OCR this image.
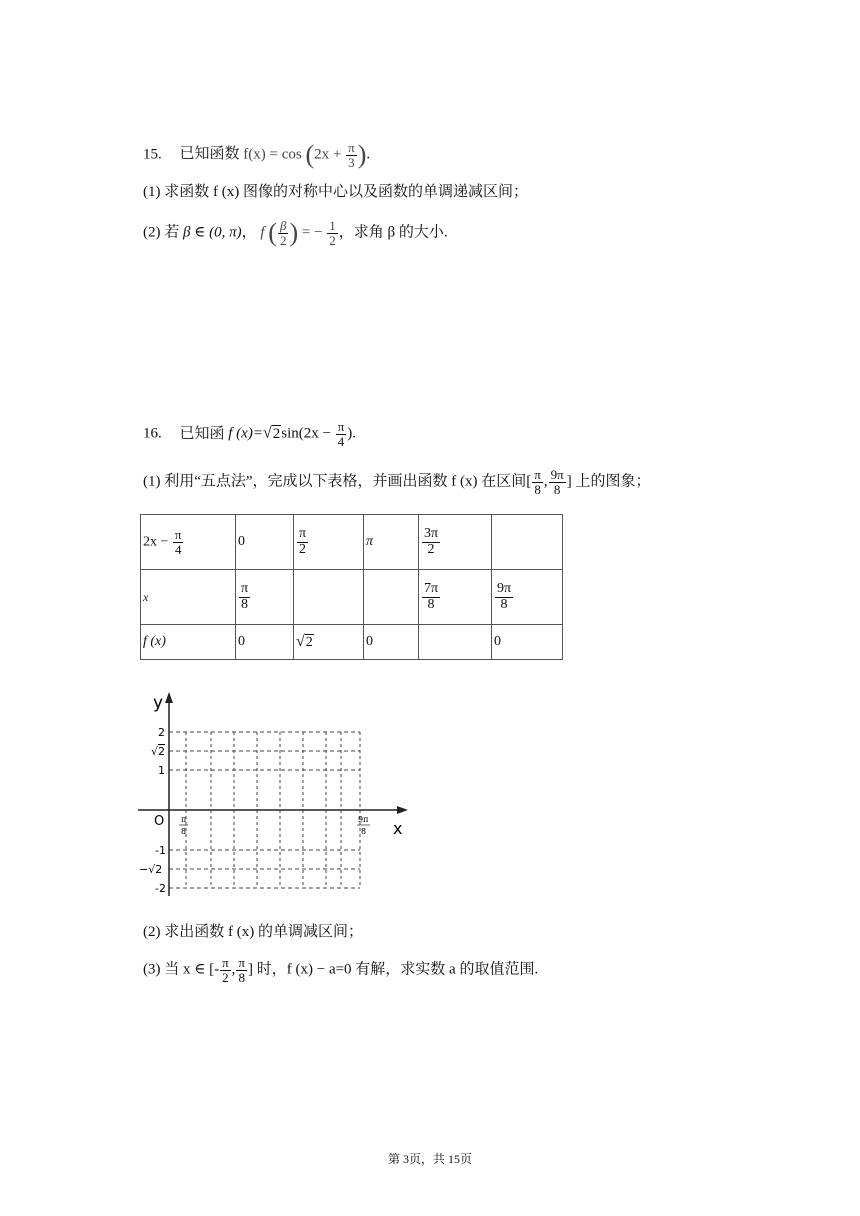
15. 已知函数 $f(x) = \cos (2x + \frac{\pi}{3}$ ).
(1) 求函数 f (x) 图像的对称中心以及函数的单调递减区间；
(2) 若 β ∈ (0, π)， f ( $\frac{\beta}{2}$ ) = − $\frac{1}{2}$ ，求角 β 的大小.
16. 已知函 f $(x)=√2\sin(2x - \frac{\pi}{4}$ ).
(1) 利用“五点法”，完成以下表格，并画出函数 f (x) 在区间[ $\frac{\pi}{8}$ , $\frac{9\pi}{8}$ ] 上的图象；
$2x - \frac{\pi}{4}$	0	$\frac{\pi}{2}$	π	$\frac{3\pi}{2}$

x	$\frac{\pi}{8}$			$\frac{7\pi}{8}$	$\frac{9\pi}{8}$

f (x)	0	√2	0		0
y
x
O
2
√2
1
-1
−√2
-2
π
8
9π
8
(2) 求出函数 f (x) 的单调减区间；
(3) 当 x ∈ [- $\frac{\pi}{2}$ , $\frac{\pi}{8}$ ] 时，f (x) − a=0 有解，求实数 a 的取值范围.
第 3页，共 15页
